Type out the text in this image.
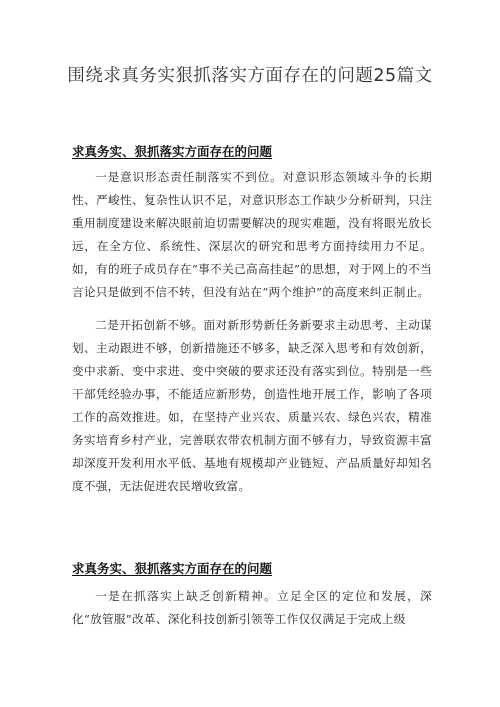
围绕求真务实狠抓落实方面存在的问题25篇文
求真务实、狠抓落实方面存在的问题

一是意识形态责任制落实不到位。对意识形态领域斗争的长期性、严峻性、复杂性认识不足，对意识形态工作缺少分析研判，只注重用制度建设来解决眼前迫切需要解决的现实难题，没有将眼光放长远，在全方位、系统性、深层次的研究和思考方面持续用力不足。如，有的班子成员存在“事不关己高高挂起”的思想，对于网上的不当言论只是做到不信不转，但没有站在“两个维护”的高度来纠正制止。

二是开拓创新不够。面对新形势新任务新要求主动思考、主动谋划、主动跟进不够，创新措施还不够多，缺乏深入思考和有效创新，变中求新、变中求进、变中突破的要求还没有落实到位。特别是一些干部凭经验办事，不能适应新形势，创造性地开展工作，影响了各项工作的高效推进。如，在坚持产业兴农、质量兴农、绿色兴农，精准务实培育乡村产业，完善联农带农机制方面不够有力，导致资源丰富却深度开发利用水平低、基地有规模却产业链短、产品质量好却知名度不强，无法促进农民增收致富。

求真务实、狠抓落实方面存在的问题

一是在抓落实上缺乏创新精神。立足全区的定位和发展，深化“放管服”改革、深化科技创新引领等工作仅仅满足于完成上级
